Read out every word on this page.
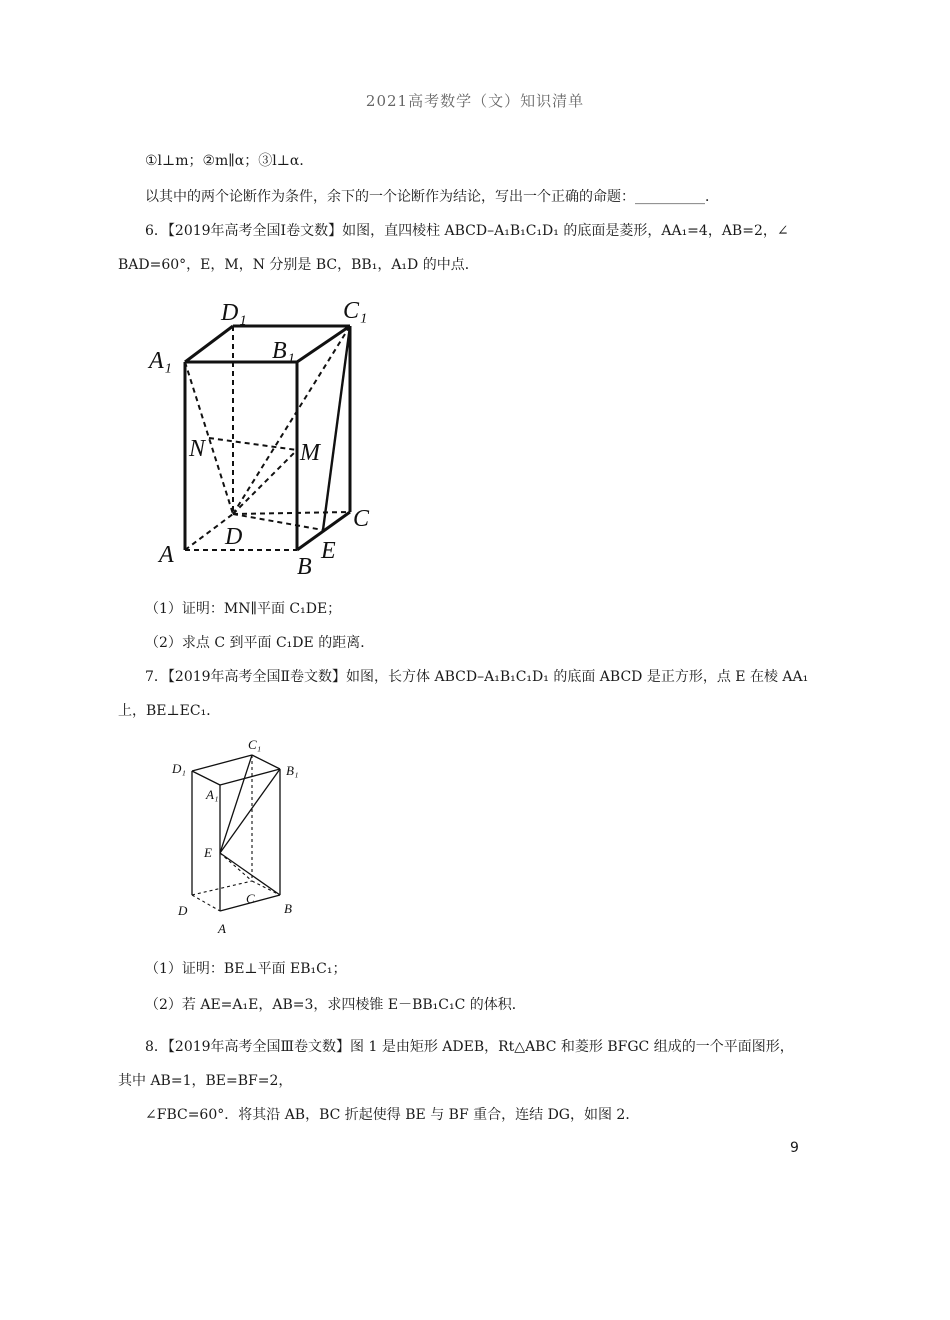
2021高考数学（文）知识清单
①l⊥m；②m∥α；③l⊥α．
以其中的两个论断作为条件，余下的一个论断作为结论，写出一个正确的命题：__________．
6．【2019年高考全国Ⅰ卷文数】如图，直四棱柱 ABCD–A₁B₁C₁D₁ 的底面是菱形，AA₁=4，AB=2，∠
BAD=60°，E，M，N 分别是 BC，BB₁，A₁D 的中点．
D₁	C₁
A₁	B₁
N	M
C
D
A	B
E
（1）证明：MN∥平面 C₁DE；
（2）求点 C 到平面 C₁DE 的距离．
7．【2019年高考全国Ⅱ卷文数】如图，长方体 ABCD–A₁B₁C₁D₁ 的底面 ABCD 是正方形，点 E 在棱 AA₁
上，BE⊥EC₁．
C₁
D₁	B₁
A₁
E
C
D	B
A
（1）证明：BE⊥平面 EB₁C₁；
（2）若 AE=A₁E，AB=3，求四棱锥 E－BB₁C₁C 的体积．
8．【2019年高考全国Ⅲ卷文数】图 1 是由矩形 ADEB，Rt△ABC 和菱形 BFGC 组成的一个平面图形，
其中 AB=1，BE=BF=2，
∠FBC=60°．将其沿 AB，BC 折起使得 BE 与 BF 重合，连结 DG，如图 2．
9
